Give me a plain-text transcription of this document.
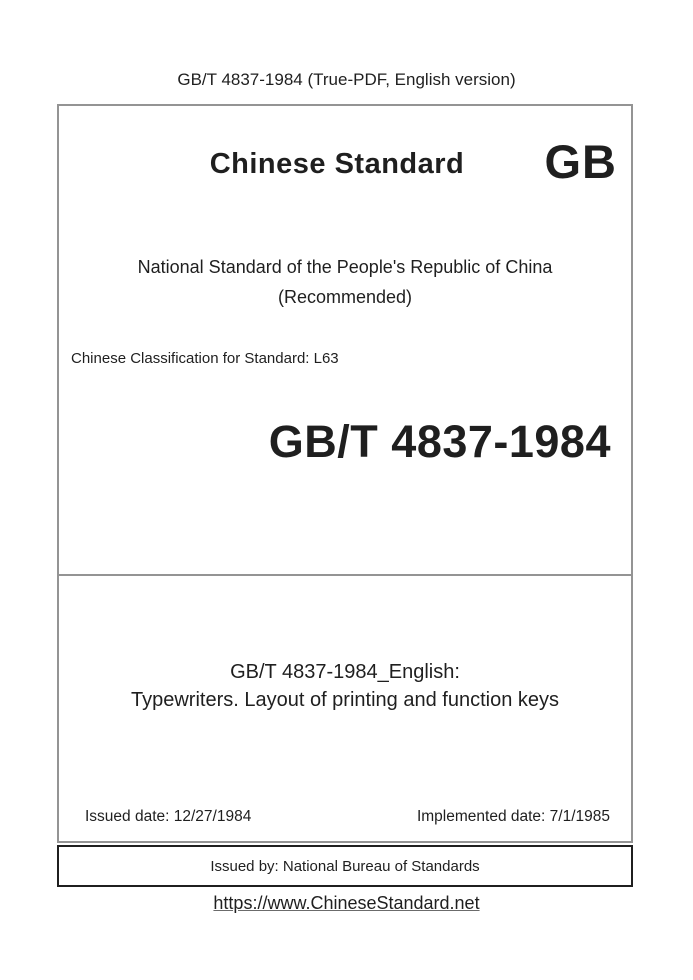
GB/T 4837-1984 (True-PDF, English version)
Chinese Standard	GB
National Standard of the People's Republic of China
(Recommended)
Chinese Classification for Standard: L63
GB/T 4837-1984
GB/T 4837-1984_English:
Typewriters. Layout of printing and function keys
Issued date: 12/27/1984	Implemented date: 7/1/1985
Issued by: National Bureau of Standards
https://www.ChineseStandard.net
